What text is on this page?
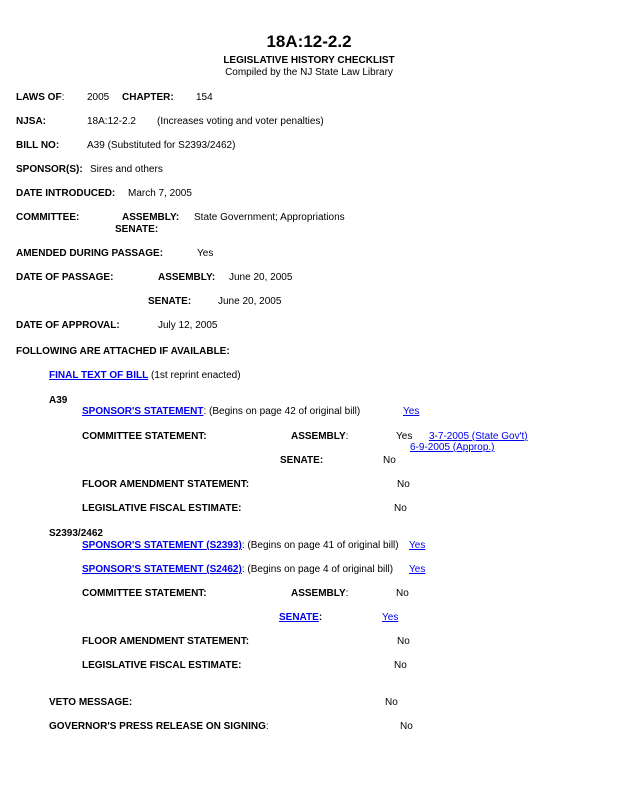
18A:12-2.2
LEGISLATIVE HISTORY CHECKLIST
Compiled by the NJ State Law Library
LAWS OF: 2005 CHAPTER: 154
NJSA:	18A:12-2.2 (Increases voting and voter penalties)
BILL NO:	A39 (Substituted for S2393/2462)
SPONSOR(S): Sires and others
DATE INTRODUCED: March 7, 2005
COMMITTEE:	ASSEMBLY: State Government; Appropriations
SENATE:
AMENDED DURING PASSAGE:	Yes
DATE OF PASSAGE:	ASSEMBLY: June 20, 2005
SENATE:	June 20, 2005
DATE OF APPROVAL:	July 12, 2005
FOLLOWING ARE ATTACHED IF AVAILABLE:
FINAL TEXT OF BILL (1st reprint enacted)
A39
SPONSOR'S STATEMENT: (Begins on page 42 of original bill)	Yes
COMMITTEE STATEMENT:	ASSEMBLY:	Yes 3-7-2005 (State Gov't)
6-9-2005 (Approp.)
SENATE:	No
FLOOR AMENDMENT STATEMENT:	No
LEGISLATIVE FISCAL ESTIMATE:	No
S2393/2462
SPONSOR'S STATEMENT (S2393): (Begins on page 41 of original bill) Yes
SPONSOR'S STATEMENT (S2462): (Begins on page 4 of original bill) Yes
COMMITTEE STATEMENT:	ASSEMBLY:	No
SENATE:	Yes
FLOOR AMENDMENT STATEMENT:	No
LEGISLATIVE FISCAL ESTIMATE:	No
VETO MESSAGE:	No
GOVERNOR'S PRESS RELEASE ON SIGNING:	No
